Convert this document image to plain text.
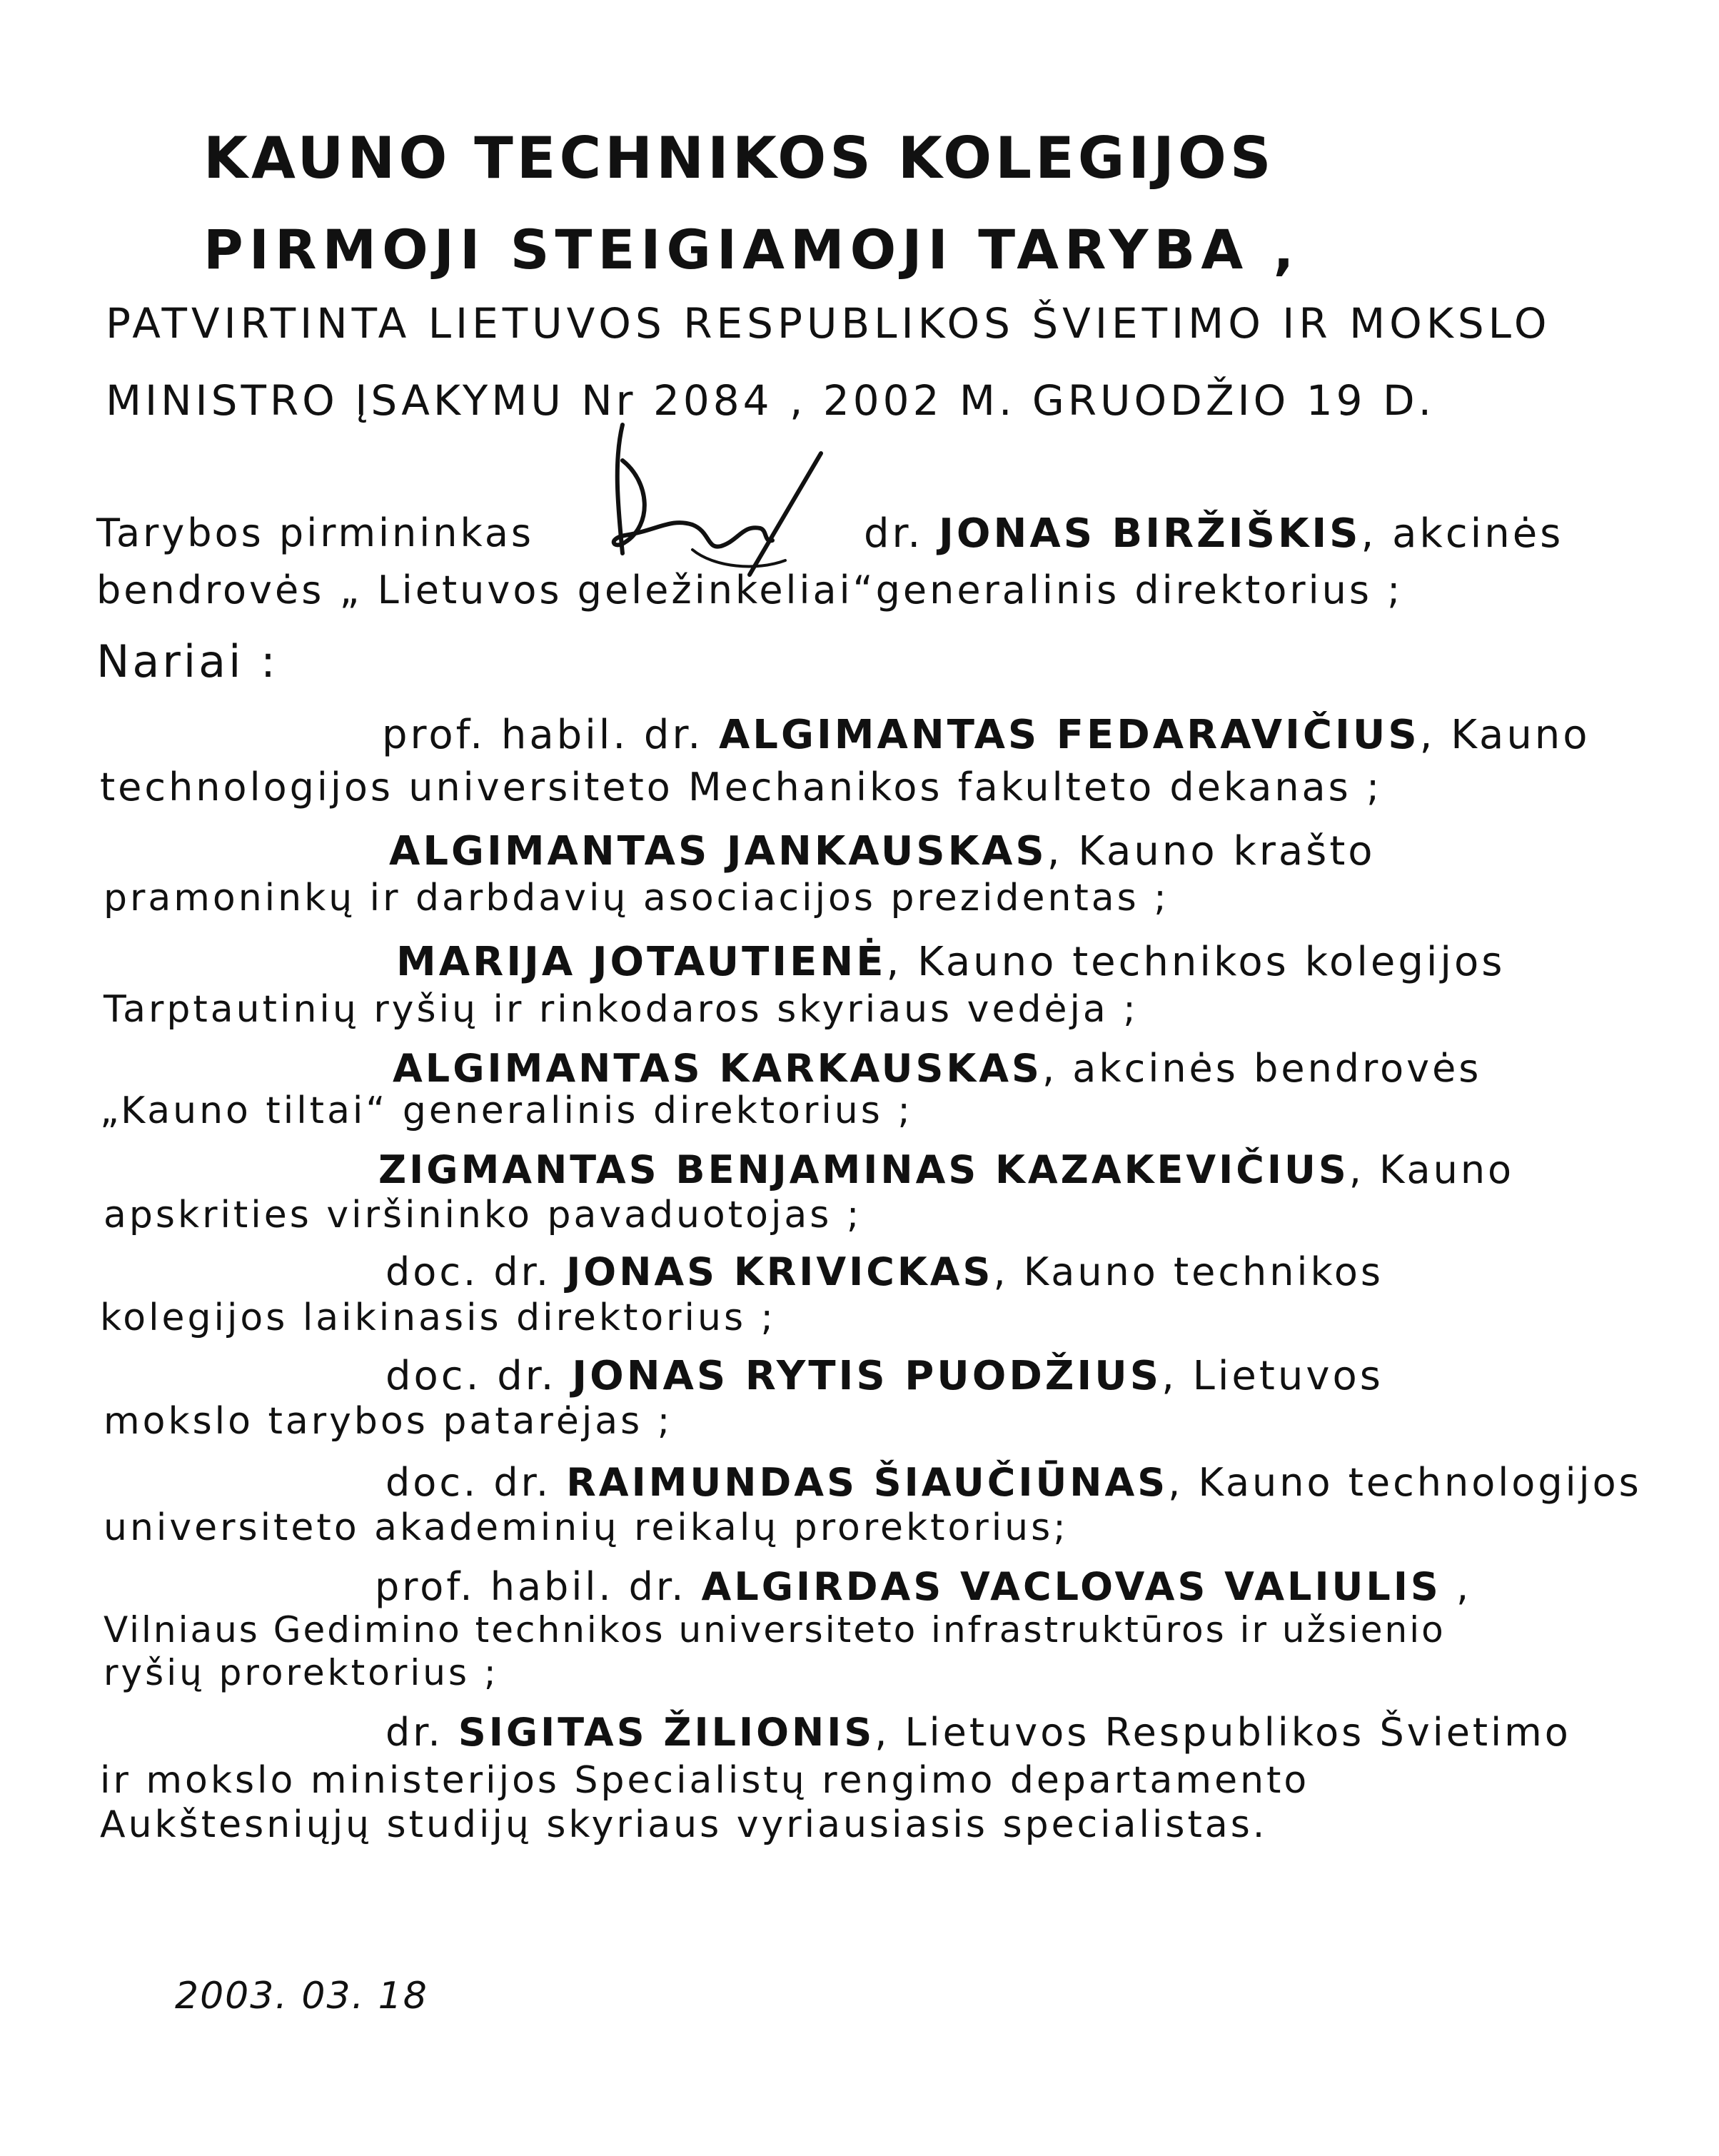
KAUNO TECHNIKOS KOLEGIJOS
PIRMOJI STEIGIAMOJI TARYBA ,
PATVIRTINTA LIETUVOS RESPUBLIKOS ŠVIETIMO IR MOKSLO
MINISTRO ĮSAKYMU Nr 2084 , 2002 M. GRUODŽIO 19 D.
Tarybos pirmininkas	dr. JONAS BIRŽIŠKIS, akcinės
bendrovės „ Lietuvos geležinkeliai“generalinis direktorius ;
Nariai :
prof. habil. dr. ALGIMANTAS FEDARAVIČIUS, Kauno
technologijos universiteto Mechanikos fakulteto dekanas ;
ALGIMANTAS JANKAUSKAS, Kauno krašto
pramoninkų ir darbdavių asociacijos prezidentas ;
MARIJA JOTAUTIENĖ, Kauno technikos kolegijos
Tarptautinių ryšių ir rinkodaros skyriaus vedėja ;
ALGIMANTAS KARKAUSKAS, akcinės bendrovės
„Kauno tiltai“ generalinis direktorius ;
ZIGMANTAS BENJAMINAS KAZAKEVIČIUS, Kauno
apskrities viršininko pavaduotojas ;
doc. dr. JONAS KRIVICKAS, Kauno technikos
kolegijos laikinasis direktorius ;
doc. dr. JONAS RYTIS PUODŽIUS, Lietuvos
mokslo tarybos patarėjas ;
doc. dr. RAIMUNDAS ŠIAUČIŪNAS, Kauno technologijos
universiteto akademinių reikalų prorektorius;
prof. habil. dr. ALGIRDAS VACLOVAS VALIULIS ,
Vilniaus Gedimino technikos universiteto infrastruktūros ir užsienio
ryšių prorektorius ;
dr. SIGITAS ŽILIONIS, Lietuvos Respublikos Švietimo
ir mokslo ministerijos Specialistų rengimo departamento
Aukštesniųjų studijų skyriaus vyriausiasis specialistas.
2003. 03. 18
